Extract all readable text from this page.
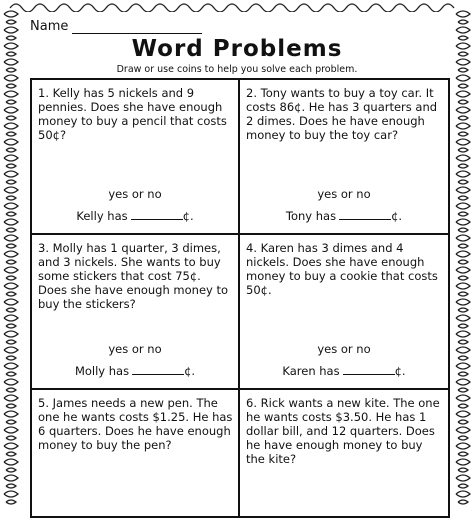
Name
Word Problems
Draw or use coins to help you solve each problem.
1. Kelly has 5 nickels and 9 pennies. Does she have enough money to buy a pencil that costs 50¢?
yes or no
Kelly has	¢.
2. Tony wants to buy a toy car. It costs 86¢. He has 3 quarters and 2 dimes. Does he have enough money to buy the toy car?
yes or no
Tony has	¢.
3. Molly has 1 quarter, 3 dimes, and 3 nickels. She wants to buy some stickers that cost 75¢. Does she have enough money to buy the stickers?
yes or no
Molly has	¢.
4. Karen has 3 dimes and 4 nickels. Does she have enough money to buy a cookie that costs 50¢.
yes or no
Karen has	¢.
5. James needs a new pen. The one he wants costs $1.25. He has 6 quarters. Does he have enough money to buy the pen?
6. Rick wants a new kite. The one he wants costs $3.50. He has 1 dollar bill, and 12 quarters. Does he have enough money to buy the kite?
